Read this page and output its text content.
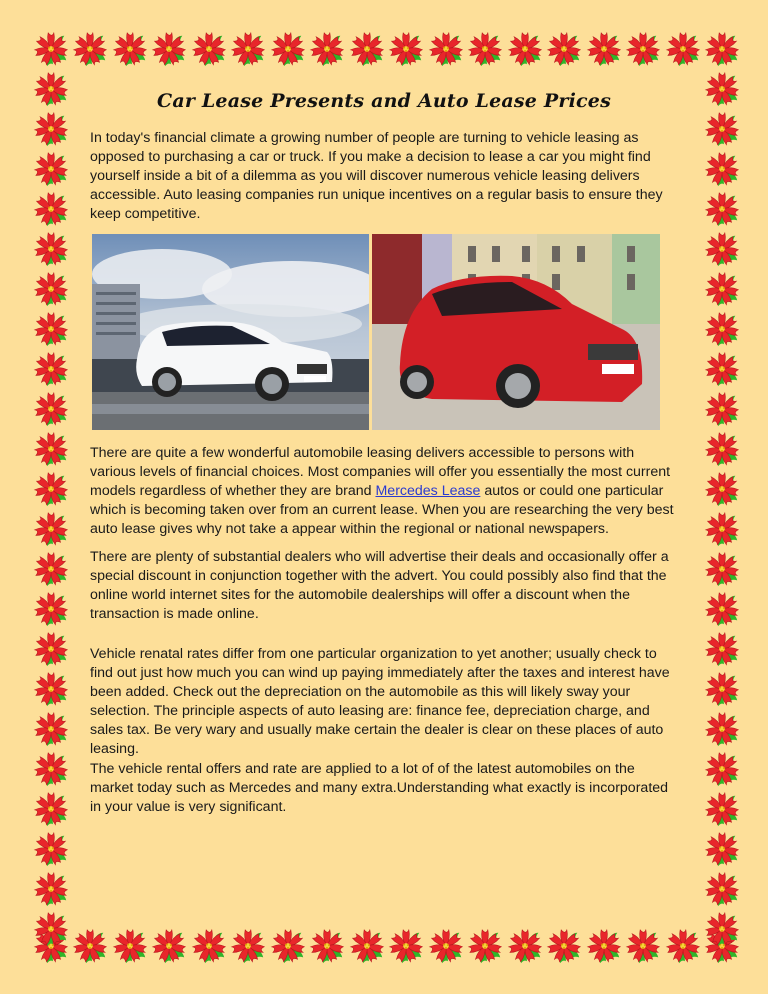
Car Lease Presents and Auto Lease Prices

In today's financial climate a growing number of people are turning to vehicle leasing as opposed to purchasing a car or truck. If you make a decision to lease a car you might find yourself inside a bit of a dilemma as you will discover numerous vehicle leasing delivers accessible. Auto leasing companies run unique incentives on a regular basis to ensure they keep competitive.

There are quite a few wonderful automobile leasing delivers accessible to persons with various levels of financial choices. Most companies will offer you essentially the most current models regardless of whether they are brand Mercedes Lease autos or could one particular which is becoming taken over from an current lease. When you are researching the very best auto lease gives why not take a appear within the regional or national newspapers.

There are plenty of substantial dealers who will advertise their deals and occasionally offer a special discount in conjunction together with the advert. You could possibly also find that the online world internet sites for the automobile dealerships will offer a discount when the transaction is made online.

Vehicle renatal rates differ from one particular organization to yet another; usually check to find out just how much you can wind up paying immediately after the taxes and interest have been added. Check out the depreciation on the automobile as this will likely sway your selection. The principle aspects of auto leasing are: finance fee, depreciation charge, and sales tax. Be very wary and usually make certain the dealer is clear on these places of auto leasing.

The vehicle rental offers and rate are applied to a lot of of the latest automobiles on the market today such as Mercedes and many extra.Understanding what exactly is incorporated in your value is very significant.
